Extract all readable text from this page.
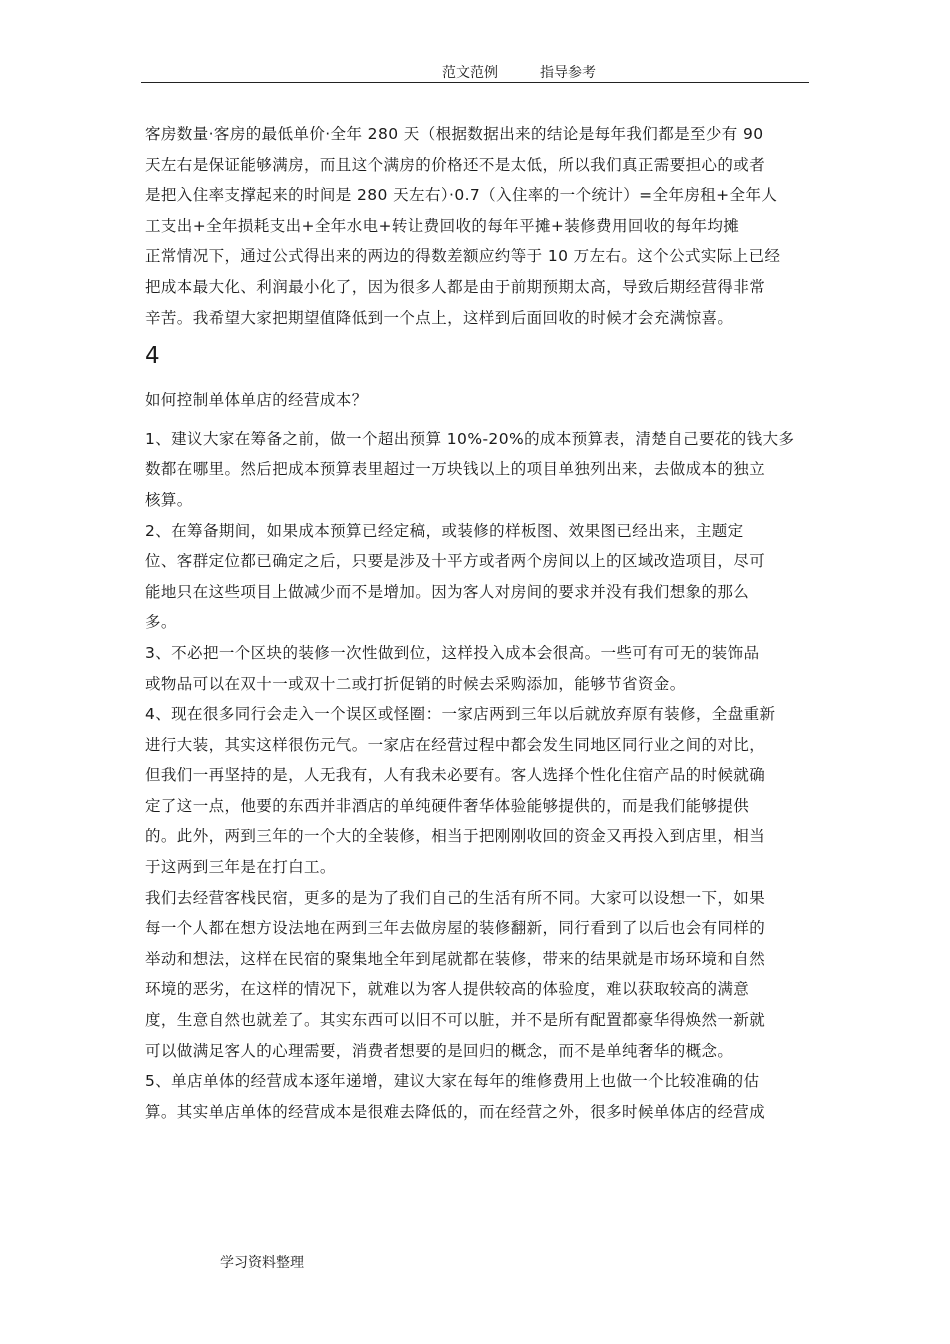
范文范例	指导参考
客房数量·客房的最低单价·全年 280 天（根据数据出来的结论是每年我们都是至少有 90
天左右是保证能够满房，而且这个满房的价格还不是太低，所以我们真正需要担心的或者
是把入住率支撑起来的时间是 280 天左右）·0.7（入住率的一个统计）=全年房租+全年人
工支出+全年损耗支出+全年水电+转让费回收的每年平摊+装修费用回收的每年均摊
正常情况下，通过公式得出来的两边的得数差额应约等于 10 万左右。这个公式实际上已经
把成本最大化、利润最小化了，因为很多人都是由于前期预期太高，导致后期经营得非常
辛苦。我希望大家把期望值降低到一个点上，这样到后面回收的时候才会充满惊喜。
4
如何控制单体单店的经营成本？
1、建议大家在筹备之前，做一个超出预算 10%-20%的成本预算表，清楚自己要花的钱大多
数都在哪里。然后把成本预算表里超过一万块钱以上的项目单独列出来，去做成本的独立
核算。
2、在筹备期间，如果成本预算已经定稿，或装修的样板图、效果图已经出来，主题定
位、客群定位都已确定之后，只要是涉及十平方或者两个房间以上的区域改造项目，尽可
能地只在这些项目上做减少而不是增加。因为客人对房间的要求并没有我们想象的那么
多。
3、不必把一个区块的装修一次性做到位，这样投入成本会很高。一些可有可无的装饰品
或物品可以在双十一或双十二或打折促销的时候去采购添加，能够节省资金。
4、现在很多同行会走入一个误区或怪圈：一家店两到三年以后就放弃原有装修，全盘重新
进行大装，其实这样很伤元气。一家店在经营过程中都会发生同地区同行业之间的对比，
但我们一再坚持的是，人无我有，人有我未必要有。客人选择个性化住宿产品的时候就确
定了这一点，他要的东西并非酒店的单纯硬件奢华体验能够提供的，而是我们能够提供
的。此外，两到三年的一个大的全装修，相当于把刚刚收回的资金又再投入到店里，相当
于这两到三年是在打白工。
我们去经营客栈民宿，更多的是为了我们自己的生活有所不同。大家可以设想一下，如果
每一个人都在想方设法地在两到三年去做房屋的装修翻新，同行看到了以后也会有同样的
举动和想法，这样在民宿的聚集地全年到尾就都在装修，带来的结果就是市场环境和自然
环境的恶劣，在这样的情况下，就难以为客人提供较高的体验度，难以获取较高的满意
度，生意自然也就差了。其实东西可以旧不可以脏，并不是所有配置都豪华得焕然一新就
可以做满足客人的心理需要，消费者想要的是回归的概念，而不是单纯奢华的概念。
5、单店单体的经营成本逐年递增，建议大家在每年的维修费用上也做一个比较准确的估
算。其实单店单体的经营成本是很难去降低的，而在经营之外，很多时候单体店的经营成
学习资料整理
